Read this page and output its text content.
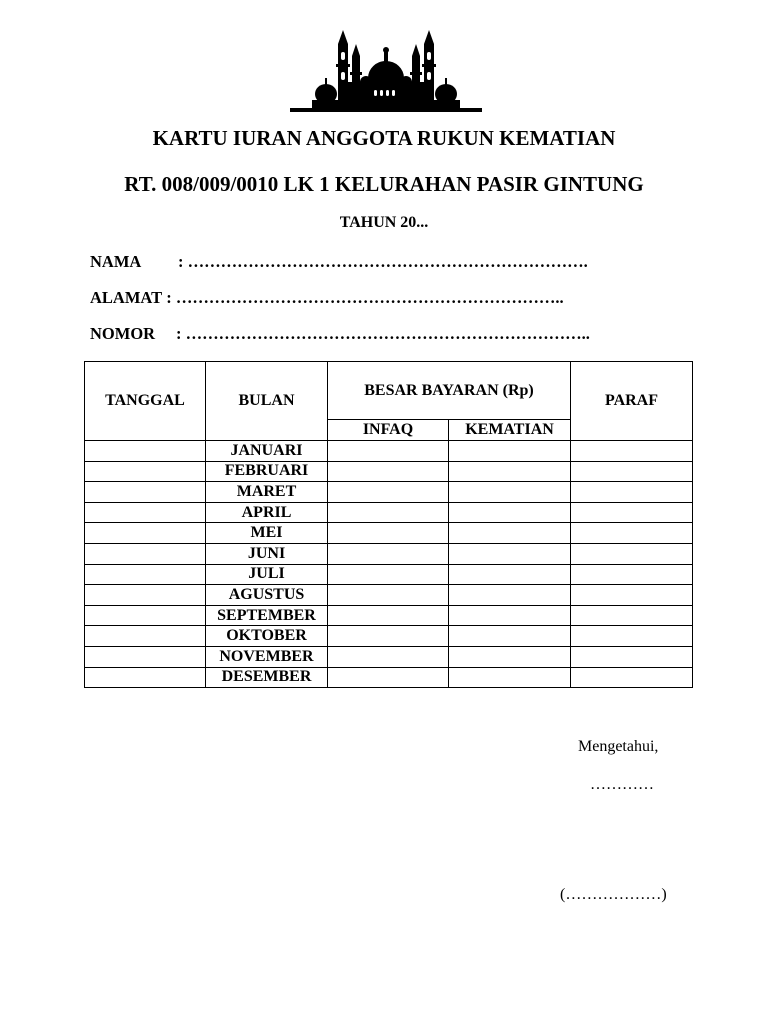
KARTU IURAN ANGGOTA RUKUN KEMATIAN
RT. 008/009/0010 LK 1 KELURAHAN PASIR GINTUNG
TAHUN 20...
NAMA : ……………………………………………………………….
ALAMAT : ……………………………………………………………..
NOMOR : ………………………………………………………………..
TANGGAL	BULAN	BESAR BAYARAN (Rp)		PARAF
		INFAQ	KEMATIAN	
	JANUARI			
	FEBRUARI			
	MARET			
	APRIL			
	MEI			
	JUNI			
	JULI			
	AGUSTUS			
	SEPTEMBER			
	OKTOBER			
	NOVEMBER			
	DESEMBER			
Mengetahui,
…………
(………………)
